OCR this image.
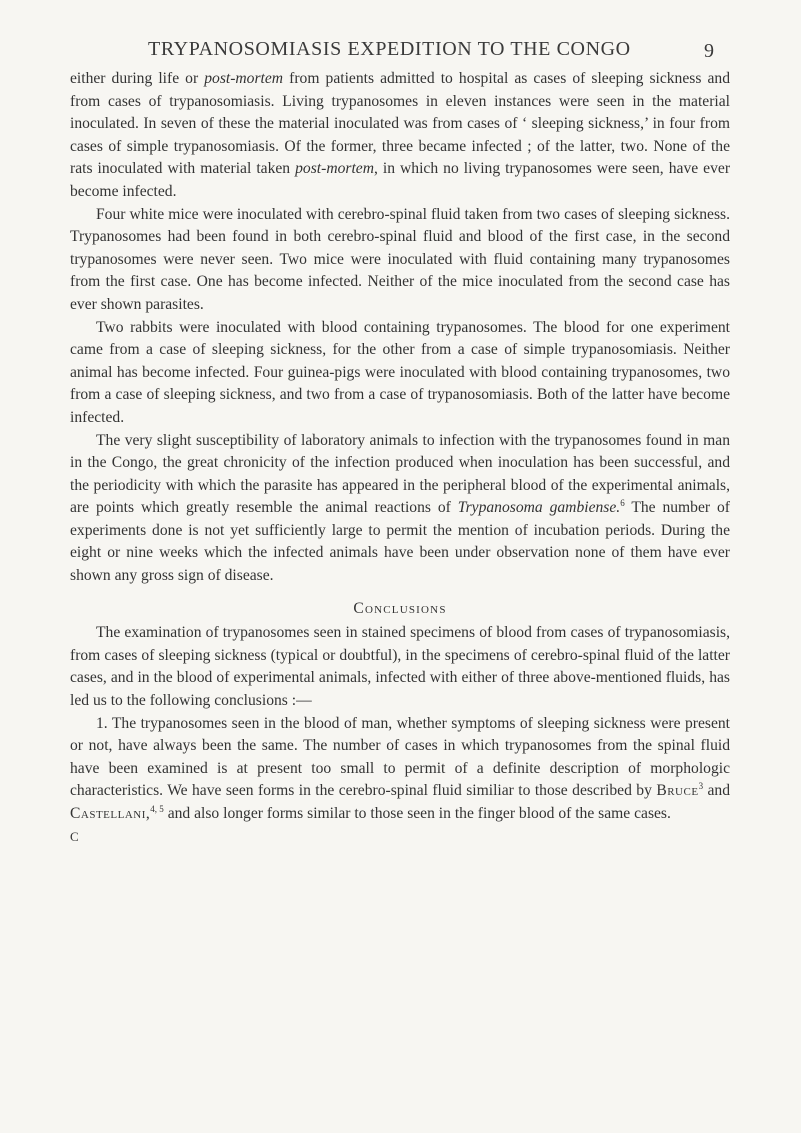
TRYPANOSOMIASIS EXPEDITION TO THE CONGO	9

either during life or post-mortem from patients admitted to hospital as cases of sleeping sickness and from cases of trypanosomiasis. Living trypanosomes in eleven instances were seen in the material inoculated. In seven of these the material inoculated was from cases of ‘ sleeping sickness,’ in four from cases of simple trypanosomiasis. Of the former, three became infected ; of the latter, two. None of the rats inoculated with material taken post-mortem, in which no living trypanosomes were seen, have ever become infected.

Four white mice were inoculated with cerebro-spinal fluid taken from two cases of sleeping sickness. Trypanosomes had been found in both cerebro-spinal fluid and blood of the first case, in the second trypanosomes were never seen. Two mice were inoculated with fluid containing many trypanosomes from the first case. One has become infected. Neither of the mice inoculated from the second case has ever shown parasites.

Two rabbits were inoculated with blood containing trypanosomes. The blood for one experiment came from a case of sleeping sickness, for the other from a case of simple trypanosomiasis. Neither animal has become infected. Four guinea-pigs were inoculated with blood containing trypanosomes, two from a case of sleeping sickness, and two from a case of trypanosomiasis. Both of the latter have become infected.

The very slight susceptibility of laboratory animals to infection with the trypanosomes found in man in the Congo, the great chronicity of the infection produced when inoculation has been successful, and the periodicity with which the parasite has appeared in the peripheral blood of the experimental animals, are points which greatly resemble the animal reactions of Trypanosoma gambiense.$^6$ The number of experiments done is not yet sufficiently large to permit the mention of incubation periods. During the eight or nine weeks which the infected animals have been under observation none of them have ever shown any gross sign of disease.

Conclusions

The examination of trypanosomes seen in stained specimens of blood from cases of trypanosomiasis, from cases of sleeping sickness (typical or doubtful), in the specimens of cerebro-spinal fluid of the latter cases, and in the blood of experimental animals, infected with either of three above-mentioned fluids, has led us to the following conclusions :—

1. The trypanosomes seen in the blood of man, whether symptoms of sleeping sickness were present or not, have always been the same. The number of cases in which trypanosomes from the spinal fluid have been examined is at present too small to permit of a definite description of morphologic characteristics. We have seen forms in the cerebro-spinal fluid similiar to those described by Bruce$^3$ and Castellani,$^{4, 5}$ and also longer forms similar to those seen in the finger blood of the same cases.

C
